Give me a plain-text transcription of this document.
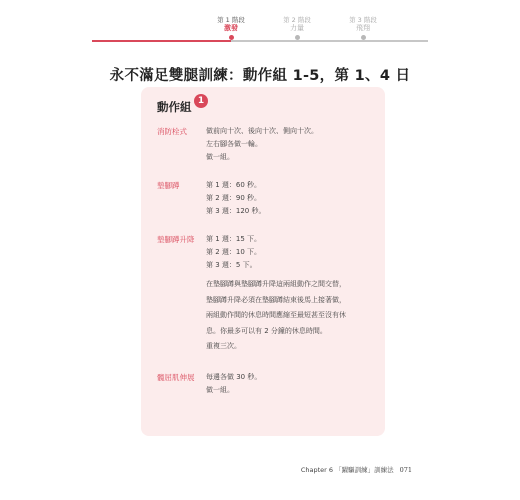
第 1 階段
激發
第 2 階段
力量
第 3 階段
飛翔
永不滿足雙腿訓練：動作組 1-5，第 1、4 日
動作組 1
消防栓式	做前向十次、後向十次、側向十次。
左右腳各做一輪。
做一組。
墊腳蹲	第 1 週：60 秒。
第 2 週：90 秒。
第 3 週：120 秒。
墊腳蹲升降 第 1 週：15 下。
第 2 週：10 下。
第 3 週：5 下。
在墊腳蹲與墊腳蹲升降這兩組動作之間交替，
墊腳蹲升降必須在墊腳蹲結束後馬上接著做，
兩組動作間的休息時間應縮至最短甚至沒有休
息。你最多可以有 2 分鐘的休息時間。
重複三次。
髖屈肌伸展 每邊各做 30 秒。
做一組。
Chapter 6 「躍驅訓練」訓練法 071
